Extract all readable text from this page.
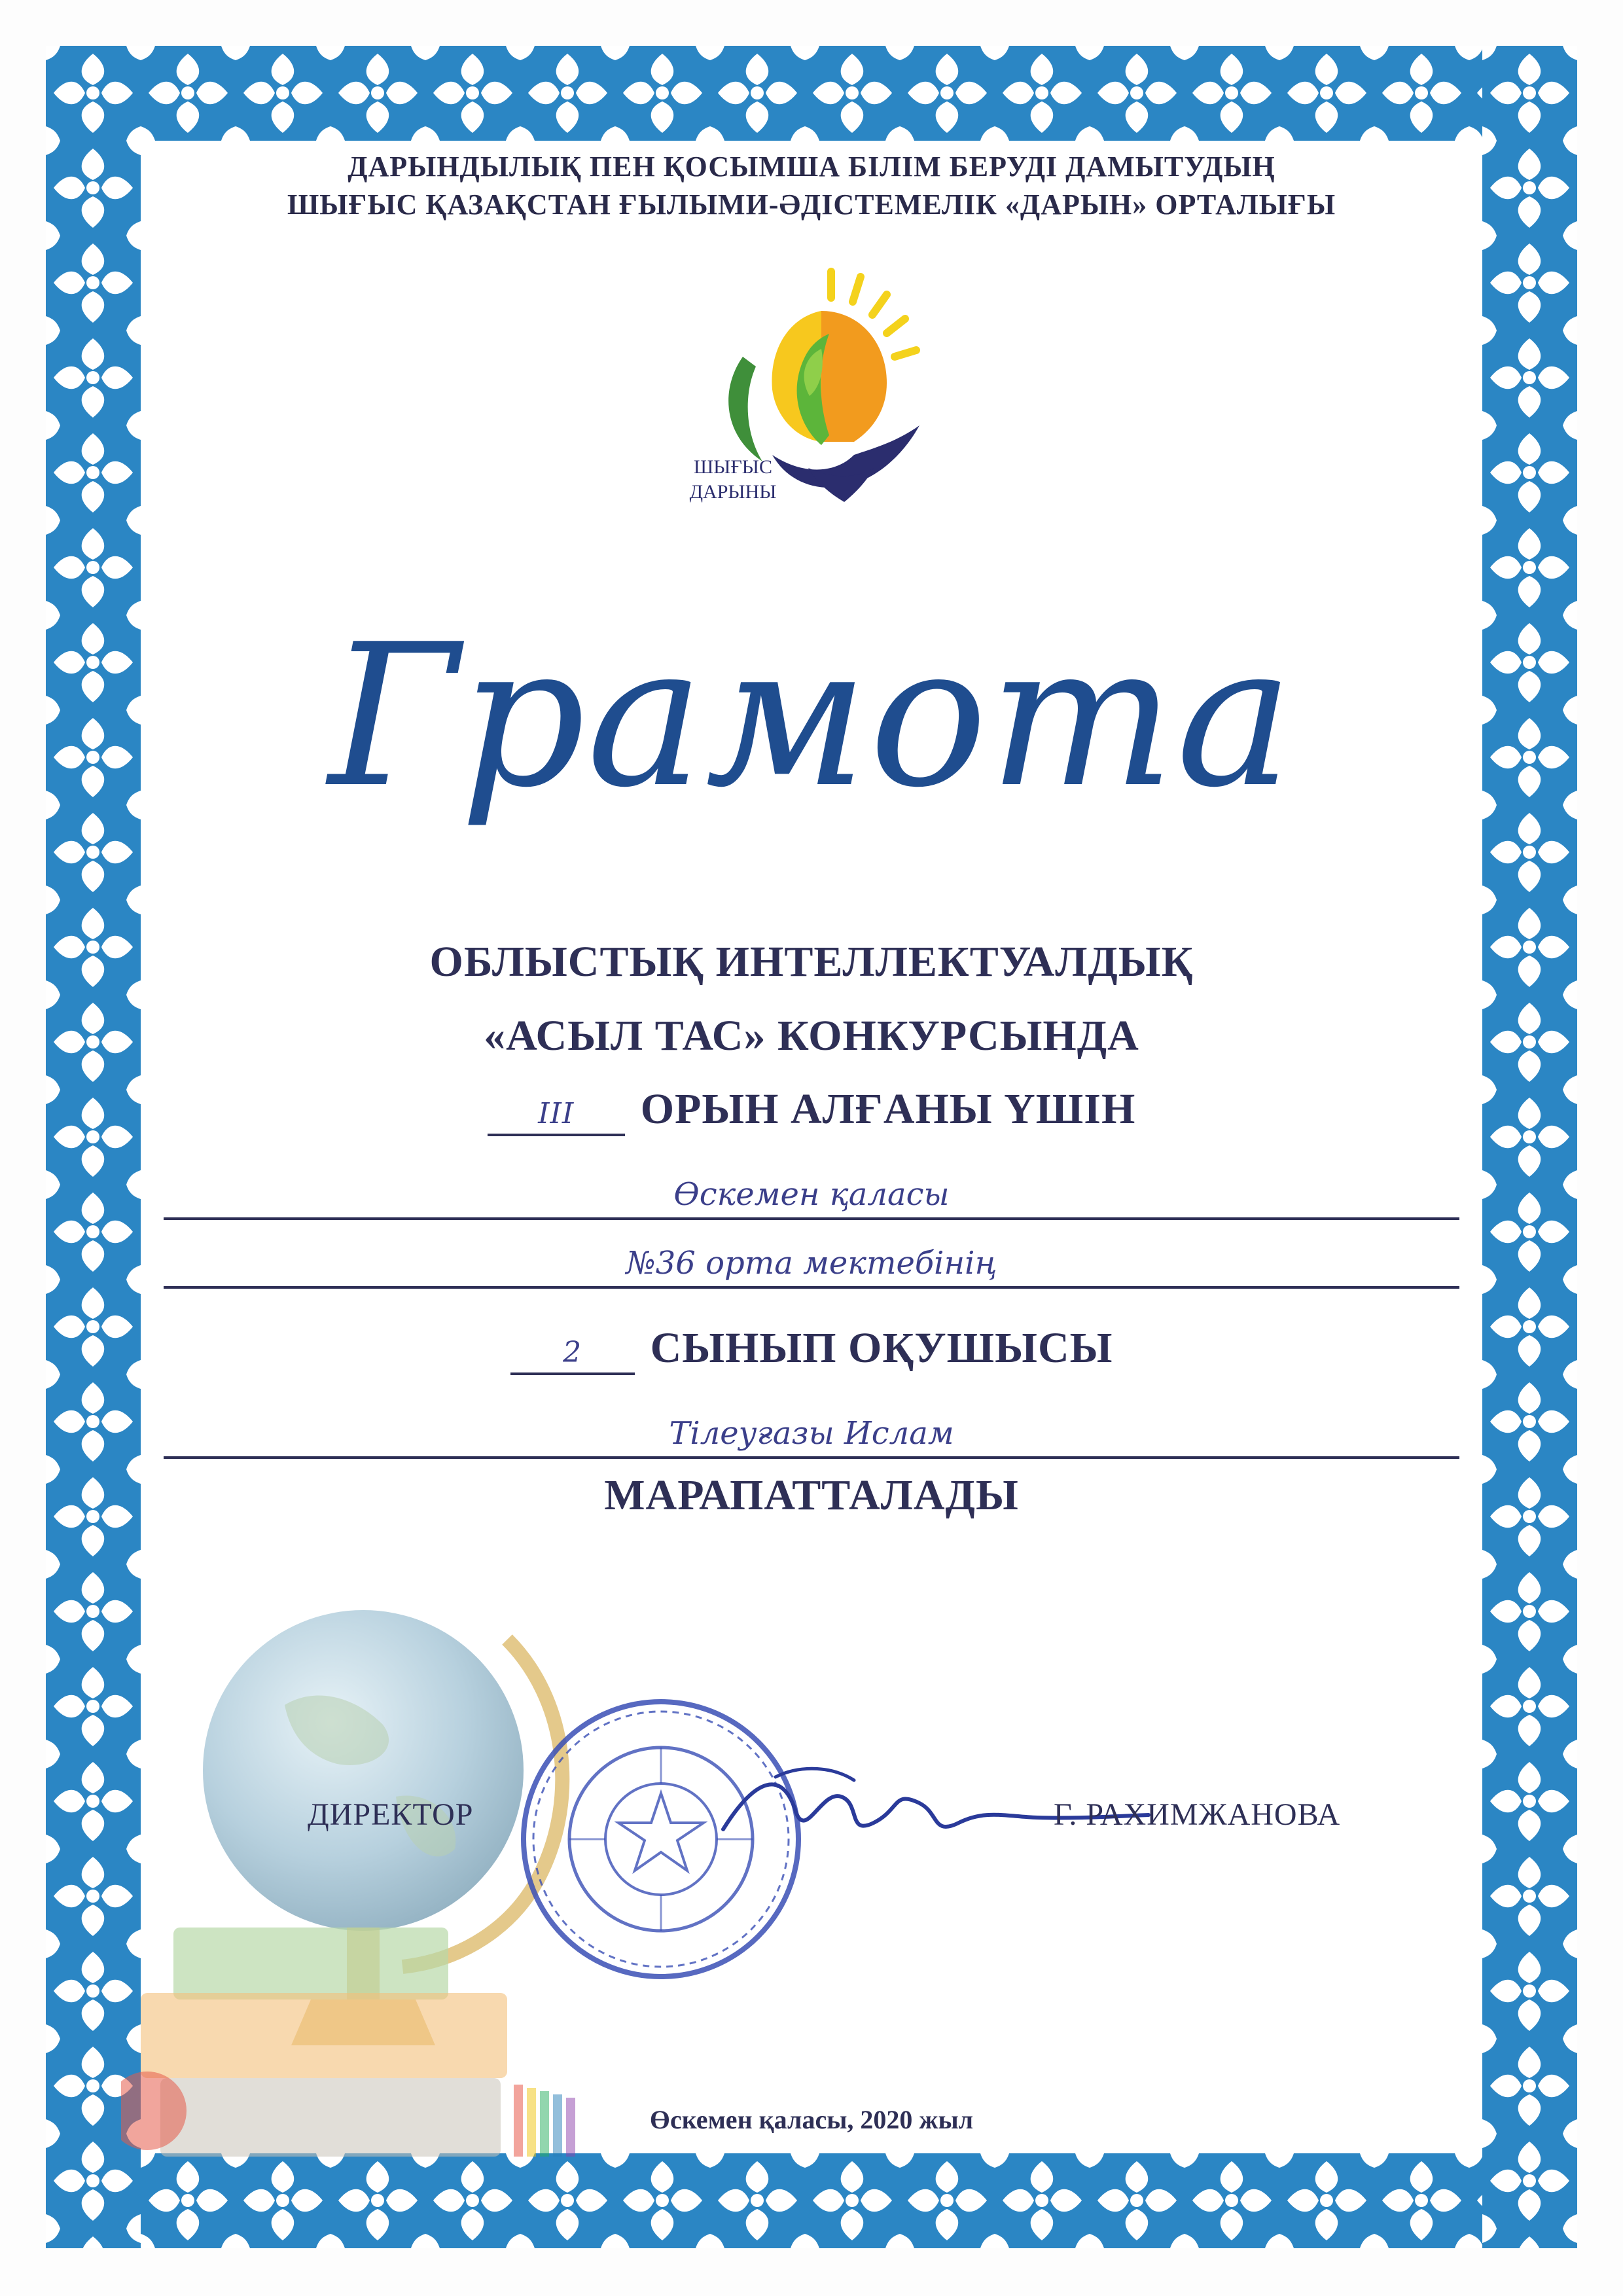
ДАРЫНДЫЛЫҚ ПЕН ҚОСЫМША БІЛІМ БЕРУДІ ДАМЫТУДЫҢ
ШЫҒЫС ҚАЗАҚСТАН ҒЫЛЫМИ-ӘДІСТЕМЕЛІК «ДАРЫН» ОРТАЛЫҒЫ
ШЫҒЫС
ДАРЫНЫ
Грамота
ОБЛЫСТЫҚ ИНТЕЛЛЕКТУАЛДЫҚ
«АСЫЛ ТАС» КОНКУРСЫНДА
III ОРЫН АЛҒАНЫ ҮШІН
Өскемен қаласы
№36 орта мектебінің
2 СЫНЫП ОҚУШЫСЫ
Тілеуғазы Ислам
МАРАПАТТАЛАДЫ
ДИРЕКТОР	Г. РАХИМЖАНОВА
Өскемен қаласы, 2020 жыл
